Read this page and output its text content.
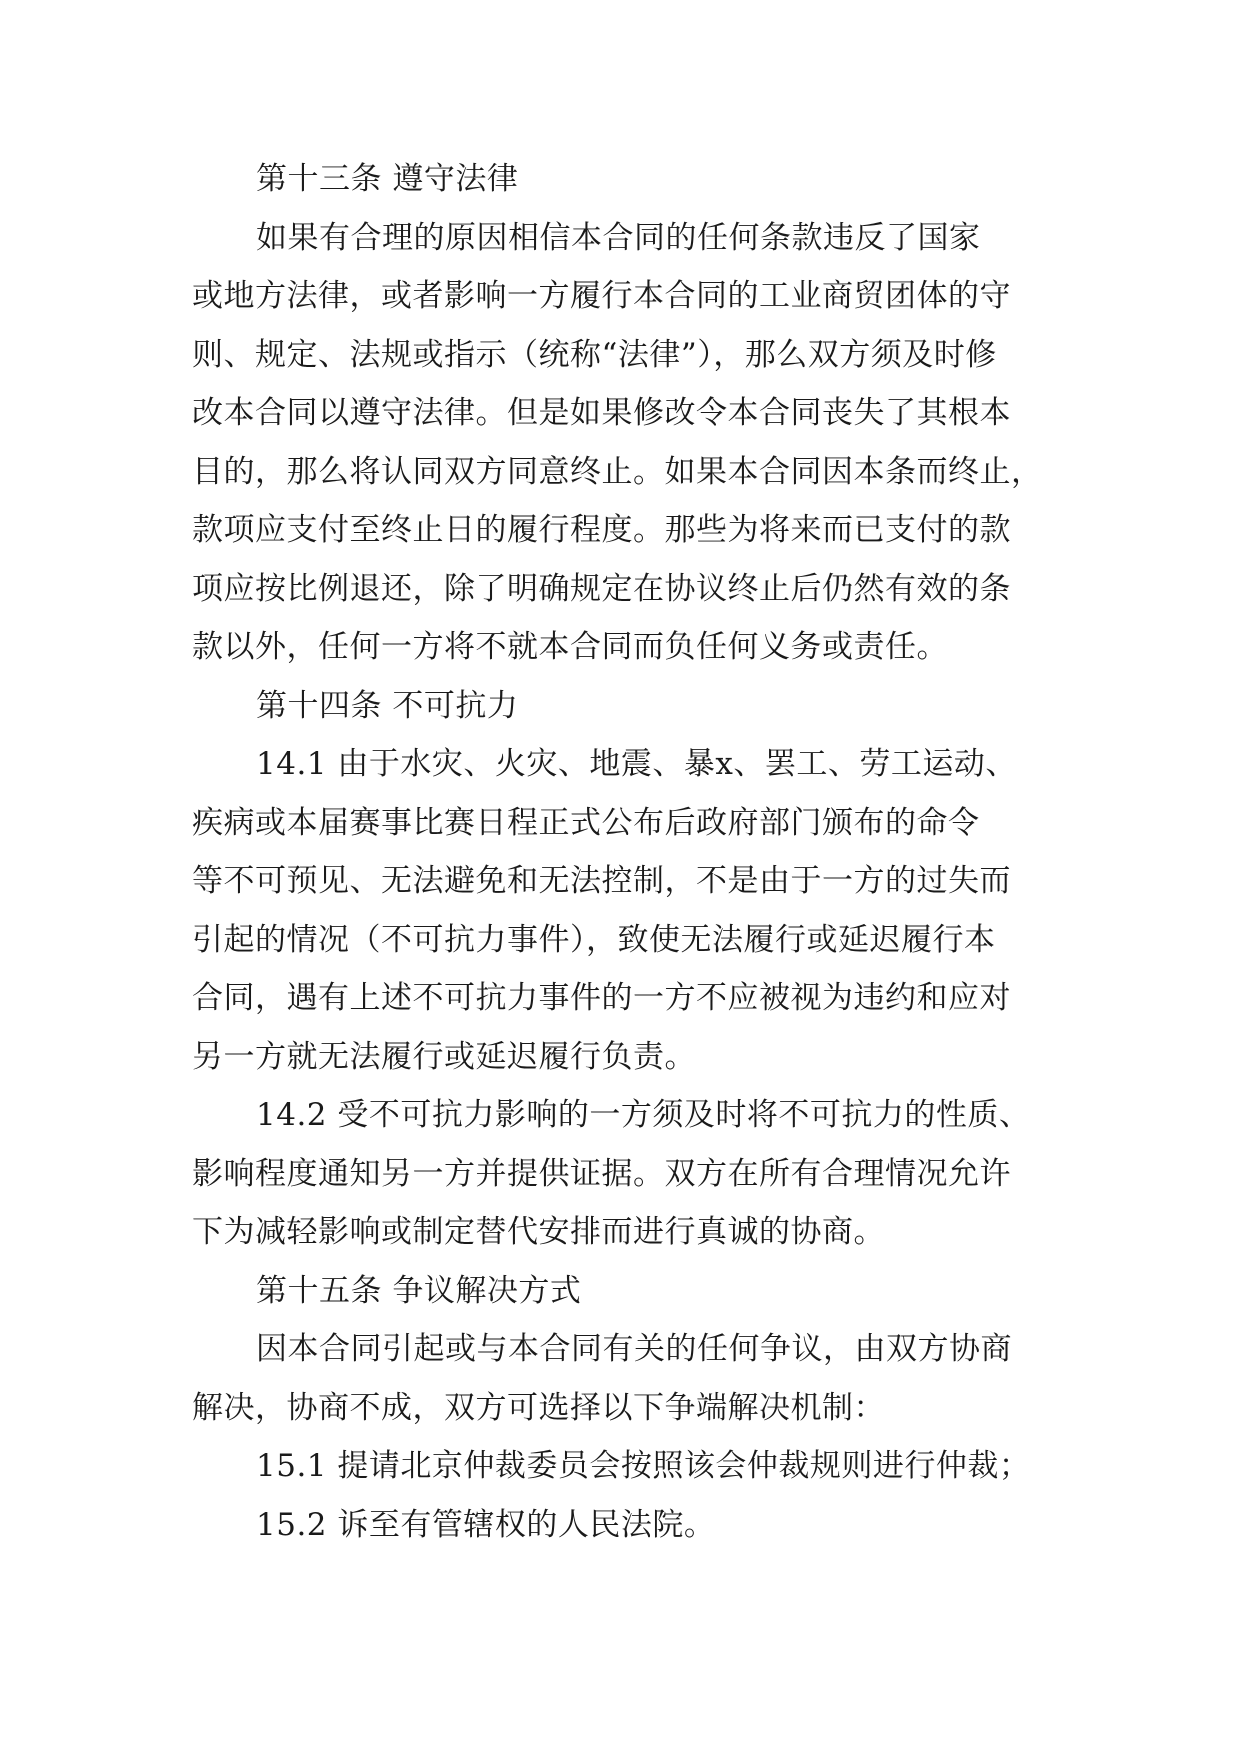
第十三条 遵守法律
如果有合理的原因相信本合同的任何条款违反了国家
或地方法律，或者影响一方履行本合同的工业商贸团体的守
则、规定、法规或指示（统称“法律”），那么双方须及时修
改本合同以遵守法律。但是如果修改令本合同丧失了其根本
目的，那么将认同双方同意终止。如果本合同因本条而终止，
款项应支付至终止日的履行程度。那些为将来而已支付的款
项应按比例退还，除了明确规定在协议终止后仍然有效的条
款以外，任何一方将不就本合同而负任何义务或责任。
第十四条 不可抗力
14.1 由于水灾、火灾、地震、暴x、罢工、劳工运动、
疾病或本届赛事比赛日程正式公布后政府部门颁布的命令
等不可预见、无法避免和无法控制，不是由于一方的过失而
引起的情况（不可抗力事件），致使无法履行或延迟履行本
合同，遇有上述不可抗力事件的一方不应被视为违约和应对
另一方就无法履行或延迟履行负责。
14.2 受不可抗力影响的一方须及时将不可抗力的性质、
影响程度通知另一方并提供证据。双方在所有合理情况允许
下为减轻影响或制定替代安排而进行真诚的协商。
第十五条 争议解决方式
因本合同引起或与本合同有关的任何争议，由双方协商
解决，协商不成，双方可选择以下争端解决机制：
15.1 提请北京仲裁委员会按照该会仲裁规则进行仲裁；
15.2 诉至有管辖权的人民法院。
